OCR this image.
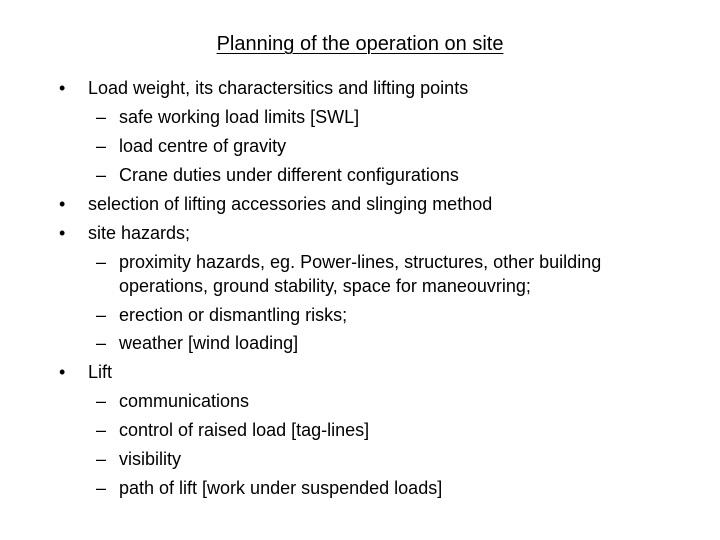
Planning of the operation on site
• Load weight, its charactersitics and lifting points
– safe working load limits [SWL]
– load centre of gravity
– Crane duties under different configurations
• selection of lifting accessories and slinging method
• site hazards;
– proximity hazards, eg. Power-lines, structures, other building
operations, ground stability, space for maneouvring;
– erection or dismantling risks;
– weather [wind loading]
• Lift
– communications
– control of raised load [tag-lines]
– visibility
– path of lift [work under suspended loads]
